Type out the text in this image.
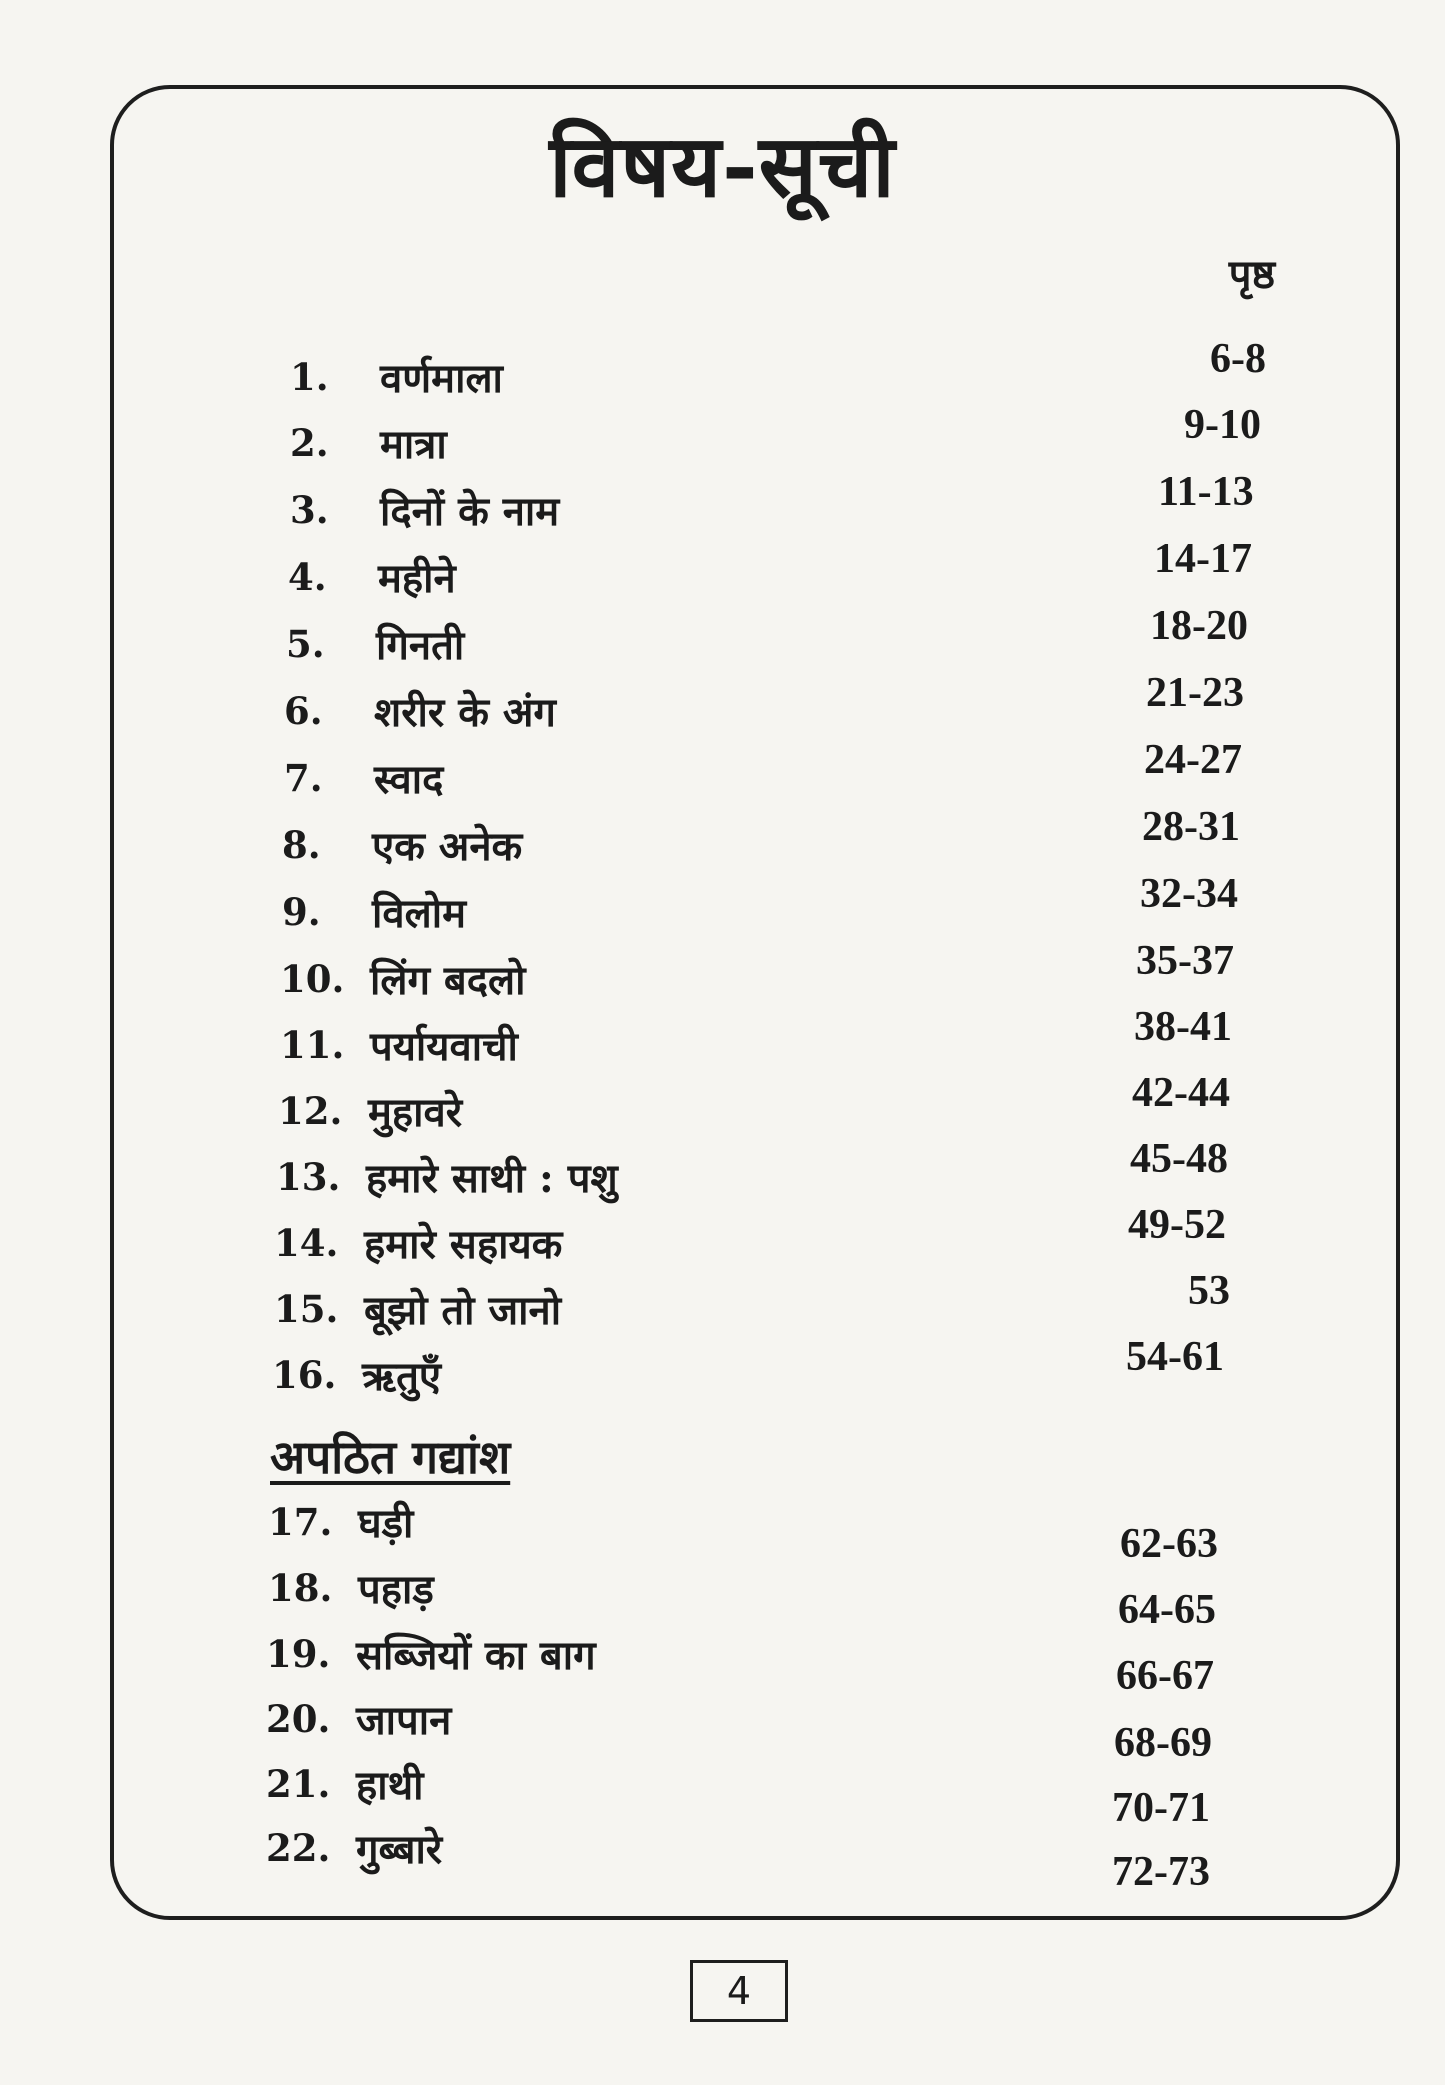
विषय-सूची
पृष्ठ
1. वर्णमाला	6-8
2. मात्रा	9-10
3. दिनों के नाम	11-13
4. महीने	14-17
5. गिनती	18-20
6. शरीर के अंग	21-23
7. स्वाद	24-27
8. एक अनेक	28-31
9. विलोम	32-34
10. लिंग बदलो	35-37
11. पर्यायवाची	38-41
12. मुहावरे	42-44
13. हमारे साथी : पशु	45-48
14. हमारे सहायक	49-52
15. बूझो तो जानो	53
16. ऋतुएँ	54-61
अपठित गद्यांश
17. घड़ी	62-63
18. पहाड़	64-65
19. सब्जियों का बाग	66-67
20. जापान	68-69
21. हाथी	70-71
22. गुब्बारे	72-73
4
